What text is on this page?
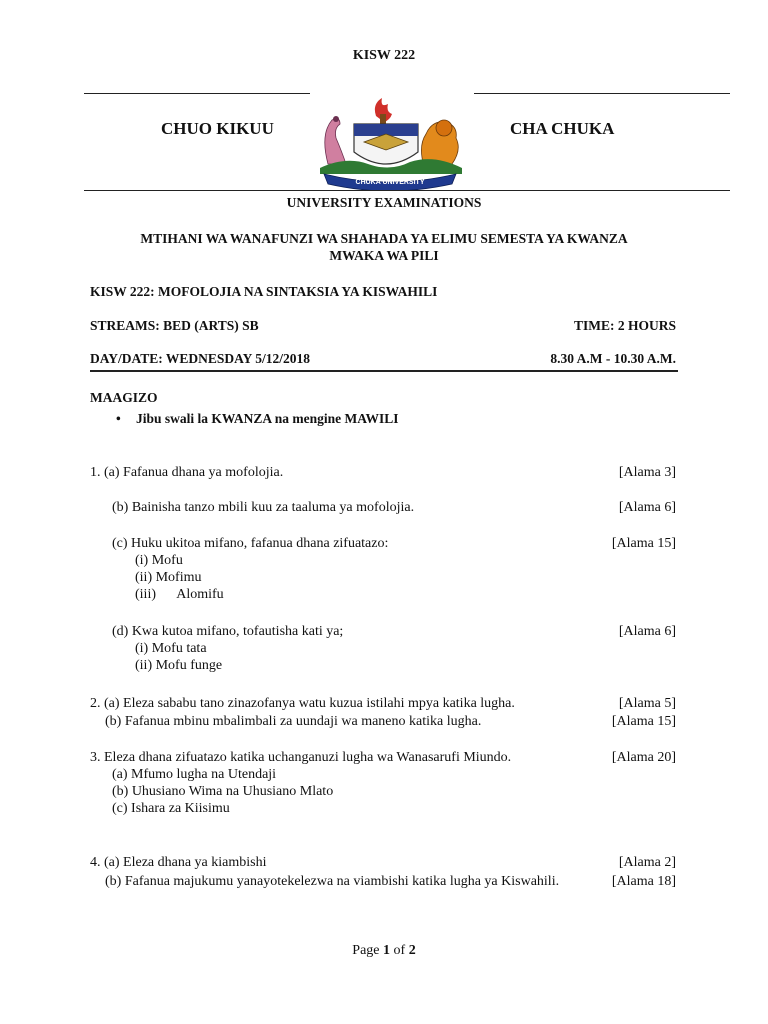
KISW 222
CHUO KIKUU	CHA CHUKA
CHUKA UNIVERSITY
UNIVERSITY EXAMINATIONS
MTIHANI WA WANAFUNZI WA SHAHADA YA ELIMU SEMESTA YA KWANZA
MWAKA WA PILI
KISW 222: MOFOLOJIA NA SINTAKSIA YA KISWAHILI
STREAMS: BED (ARTS) SB	TIME: 2 HOURS
DAY/DATE: WEDNESDAY 5/12/2018	8.30 A.M - 10.30 A.M.
MAAGIZO
• Jibu swali la KWANZA na mengine MAWILI
1. (a) Fafanua dhana ya mofolojia.	[Alama 3]
(b) Bainisha tanzo mbili kuu za taaluma ya mofolojia.	[Alama 6]
(c) Huku ukitoa mifano, fafanua dhana zifuatazo:	[Alama 15]
(i) Mofu
(ii) Mofimu
(iii)      Alomifu
(d) Kwa kutoa mifano, tofautisha kati ya;	[Alama 6]
(i) Mofu tata
(ii) Mofu funge
2. (a) Eleza sababu tano zinazofanya watu kuzua istilahi mpya katika lugha.	[Alama 5]
(b) Fafanua mbinu mbalimbali za uundaji wa maneno katika lugha.	[Alama 15]
3. Eleza dhana zifuatazo katika uchanganuzi lugha wa Wanasarufi Miundo.	[Alama 20]
(a) Mfumo lugha na Utendaji
(b) Uhusiano Wima na Uhusiano Mlato
(c) Ishara za Kiisimu
4. (a) Eleza dhana ya kiambishi	[Alama 2]
(b) Fafanua majukumu yanayotekelezwa na viambishi katika lugha ya Kiswahili.	[Alama 18]
Page 1 of 2
